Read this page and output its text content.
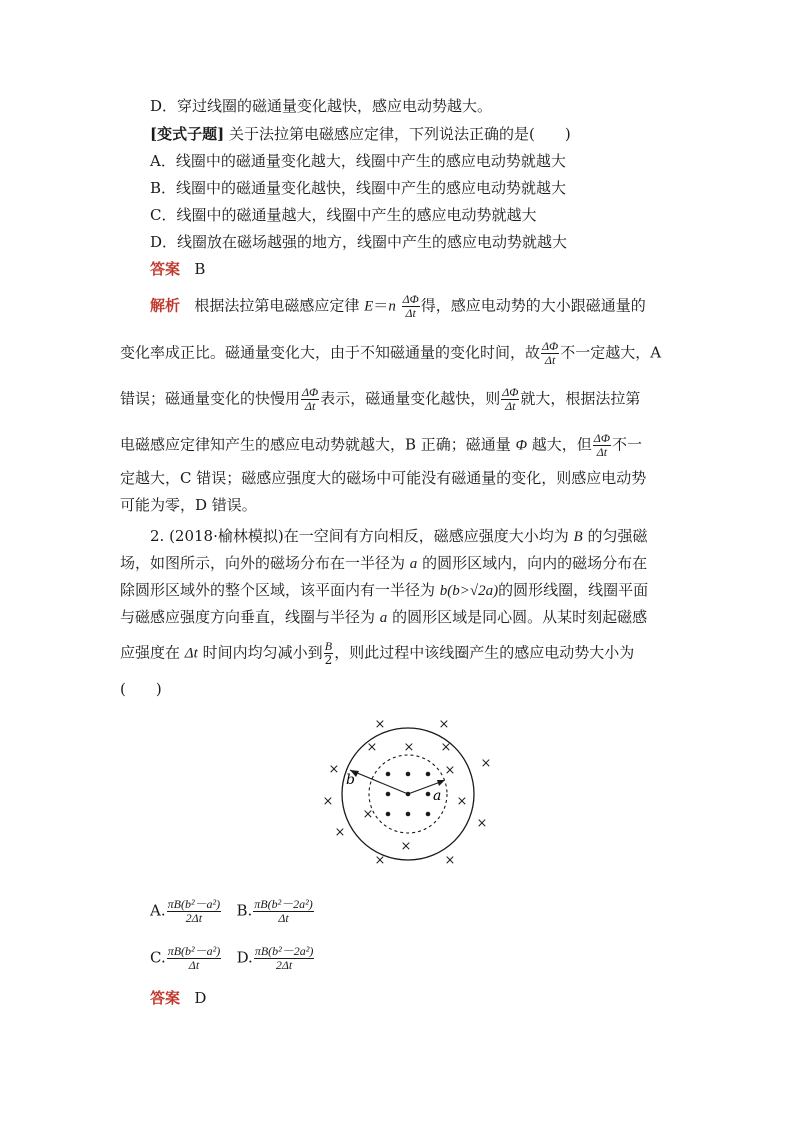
D．穿过线圈的磁通量变化越快，感应电动势越大。
[变式子题] 关于法拉第电磁感应定律，下列说法正确的是(　　)
A．线圈中的磁通量变化越大，线圈中产生的感应电动势就越大
B．线圈中的磁通量变化越快，线圈中产生的感应电动势就越大
C．线圈中的磁通量越大，线圈中产生的感应电动势就越大
D．线圈放在磁场越强的地方，线圈中产生的感应电动势就越大
答案 B
解析 根据法拉第电磁感应定律 $E=n \frac{\Delta\Phi}{\Delta t}$ 得，感应电动势的大小跟磁通量的
变化率成正比。磁通量变化大，由于不知磁通量的变化时间，故 $\frac{\Delta\Phi}{\Delta t}$ 不一定越大，A
错误；磁通量变化的快慢用 $\frac{\Delta\Phi}{\Delta t}$ 表示，磁通量变化越快，则 $\frac{\Delta\Phi}{\Delta t}$ 就大，根据法拉第
电磁感应定律知产生的感应电动势就越大，B 正确；磁通量 Φ 越大，但 $\frac{\Delta\Phi}{\Delta t}$ 不一
定越大，C 错误；磁感应强度大的磁场中可能没有磁通量的变化，则感应电动势
可能为零，D 错误。
2. (2018·榆林模拟)在一空间有方向相反，磁感应强度大小均为 B 的匀强磁
场，如图所示，向外的磁场分布在一半径为 a 的圆形区域内，向内的磁场分布在
除圆形区域外的整个区域，该平面内有一半径为 b(b>√2a)的圆形线圈，线圈平面
与磁感应强度方向垂直，线圈与半径为 a 的圆形区域是同心圆。从某时刻起磁感
应强度在 Δt 时间内均匀减小到 $\frac{B}{2}$ ，则此过程中该线圈产生的感应电动势大小为
(　　)
×	×
× × ×
×	×
×	×
×
×
×	×
×
×
×
b
a
A. $\frac{\text{πB(b²－a²)}}{2\Delta t} B$. $\frac{\text{πB(b²－2a²)}}{\Delta t}$
C. $\frac{\text{πB(b²－a²)}}{\Delta t} D$. $\frac{\text{πB(b²－2a²)}}{2\Delta t}$
答案 D
